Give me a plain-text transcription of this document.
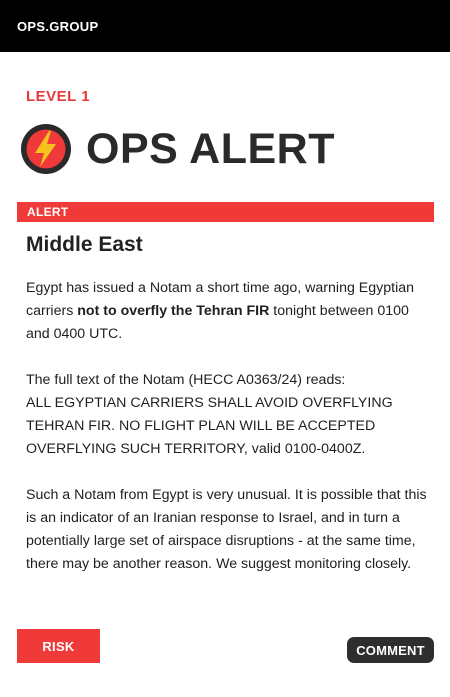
OPS.GROUP
LEVEL 1
OPS ALERT
ALERT
Middle East

Egypt has issued a Notam a short time ago, warning Egyptian carriers not to overfly the Tehran FIR tonight between 0100 and 0400 UTC.

The full text of the Notam (HECC A0363/24) reads:
ALL EGYPTIAN CARRIERS SHALL AVOID OVERFLYING TEHRAN FIR. NO FLIGHT PLAN WILL BE ACCEPTED OVERFLYING SUCH TERRITORY, valid 0100-0400Z.

Such a Notam from Egypt is very unusual. It is possible that this is an indicator of an Iranian response to Israel, and in turn a potentially large set of airspace disruptions - at the same time, there may be another reason. We suggest monitoring closely.

RISK	COMMENT
